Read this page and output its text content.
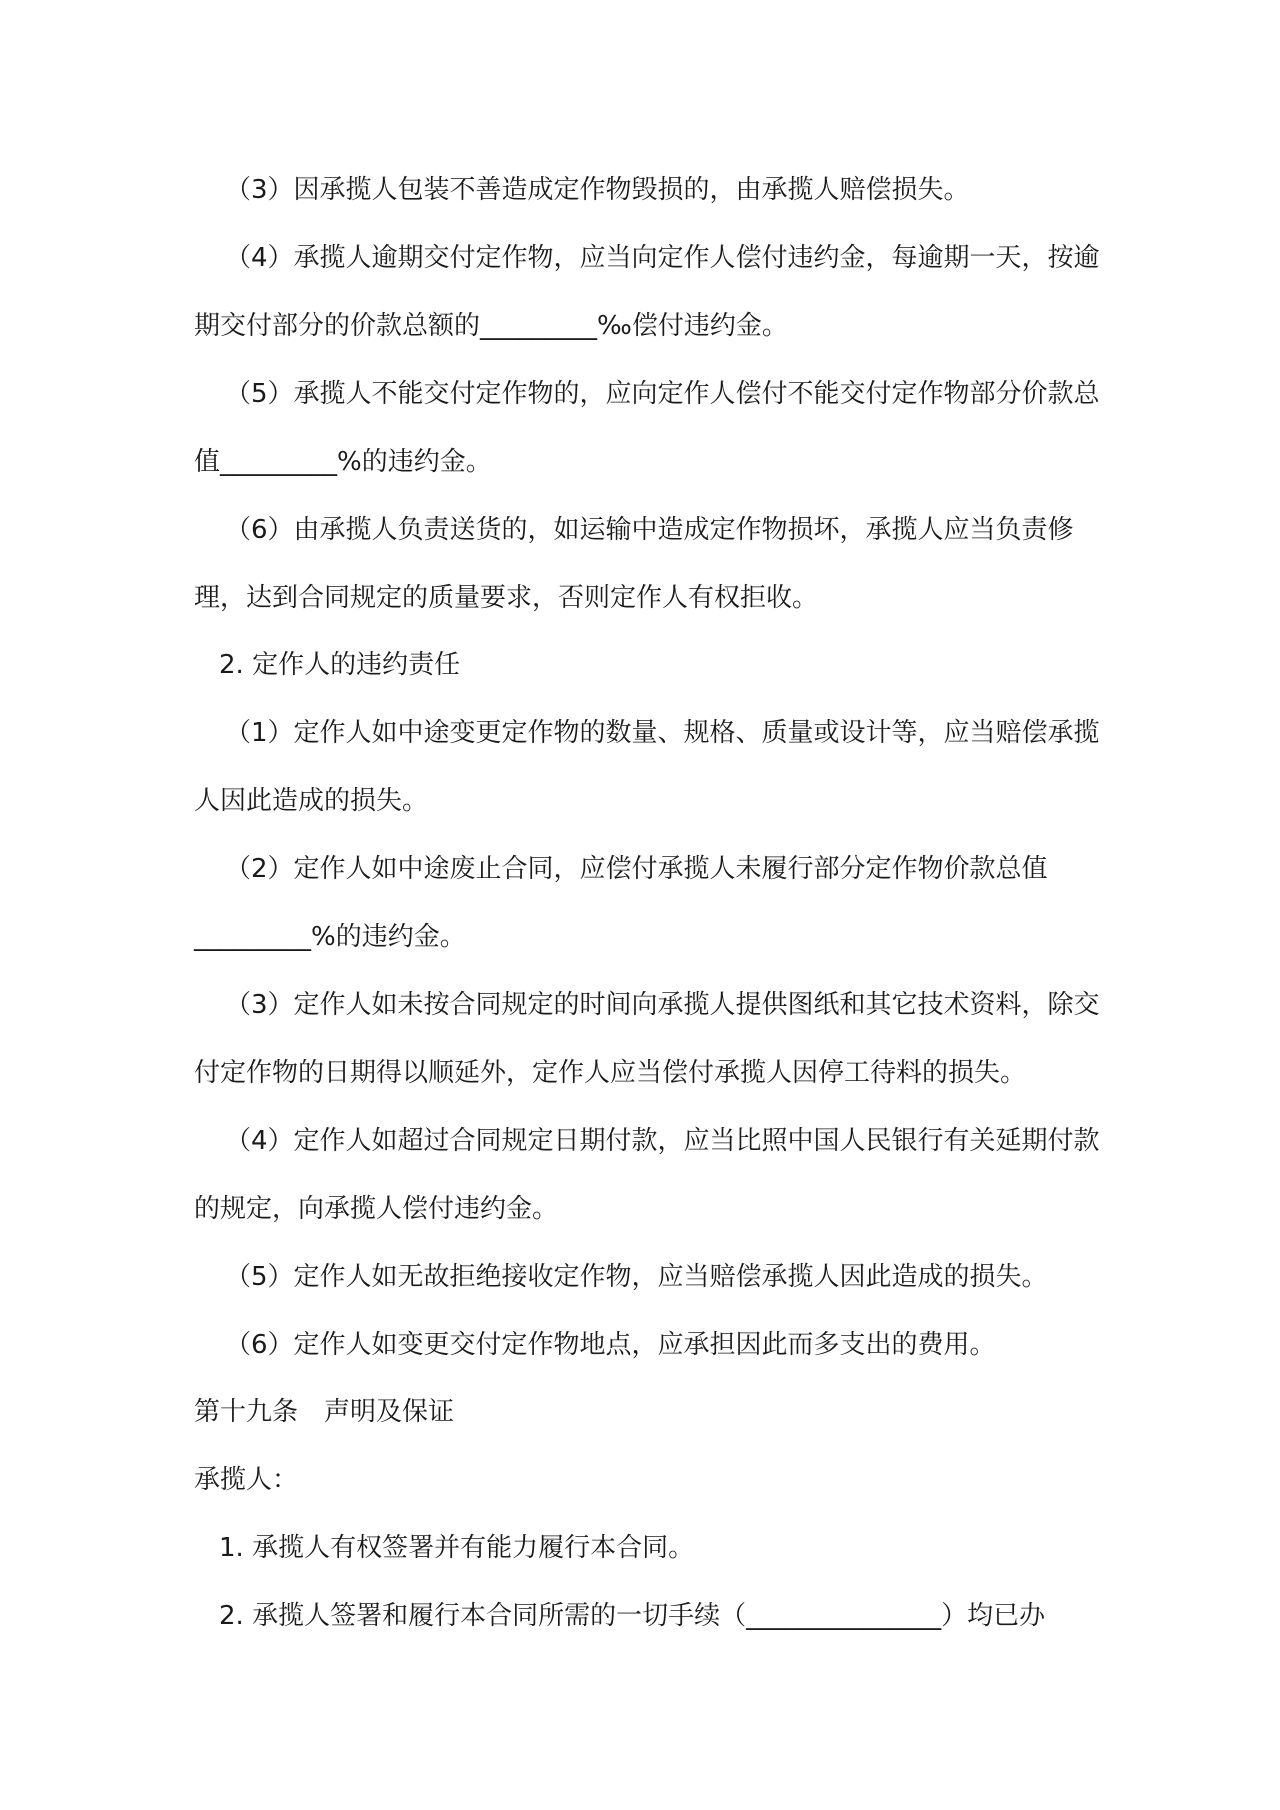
（3）因承揽人包装不善造成定作物毁损的，由承揽人赔偿损失。
（4）承揽人逾期交付定作物，应当向定作人偿付违约金，每逾期一天，按逾
期交付部分的价款总额的_________‰偿付违约金。
（5）承揽人不能交付定作物的，应向定作人偿付不能交付定作物部分价款总
值_________%的违约金。
（6）由承揽人负责送货的，如运输中造成定作物损坏，承揽人应当负责修
理，达到合同规定的质量要求，否则定作人有权拒收。
2. 定作人的违约责任
（1）定作人如中途变更定作物的数量、规格、质量或设计等，应当赔偿承揽
人因此造成的损失。
（2）定作人如中途废止合同，应偿付承揽人未履行部分定作物价款总值
_________%的违约金。
（3）定作人如未按合同规定的时间向承揽人提供图纸和其它技术资料，除交
付定作物的日期得以顺延外，定作人应当偿付承揽人因停工待料的损失。
（4）定作人如超过合同规定日期付款，应当比照中国人民银行有关延期付款
的规定，向承揽人偿付违约金。
（5）定作人如无故拒绝接收定作物，应当赔偿承揽人因此造成的损失。
（6）定作人如变更交付定作物地点，应承担因此而多支出的费用。
第十九条　声明及保证
承揽人：
1. 承揽人有权签署并有能力履行本合同。
2. 承揽人签署和履行本合同所需的一切手续（_______________）均已办
